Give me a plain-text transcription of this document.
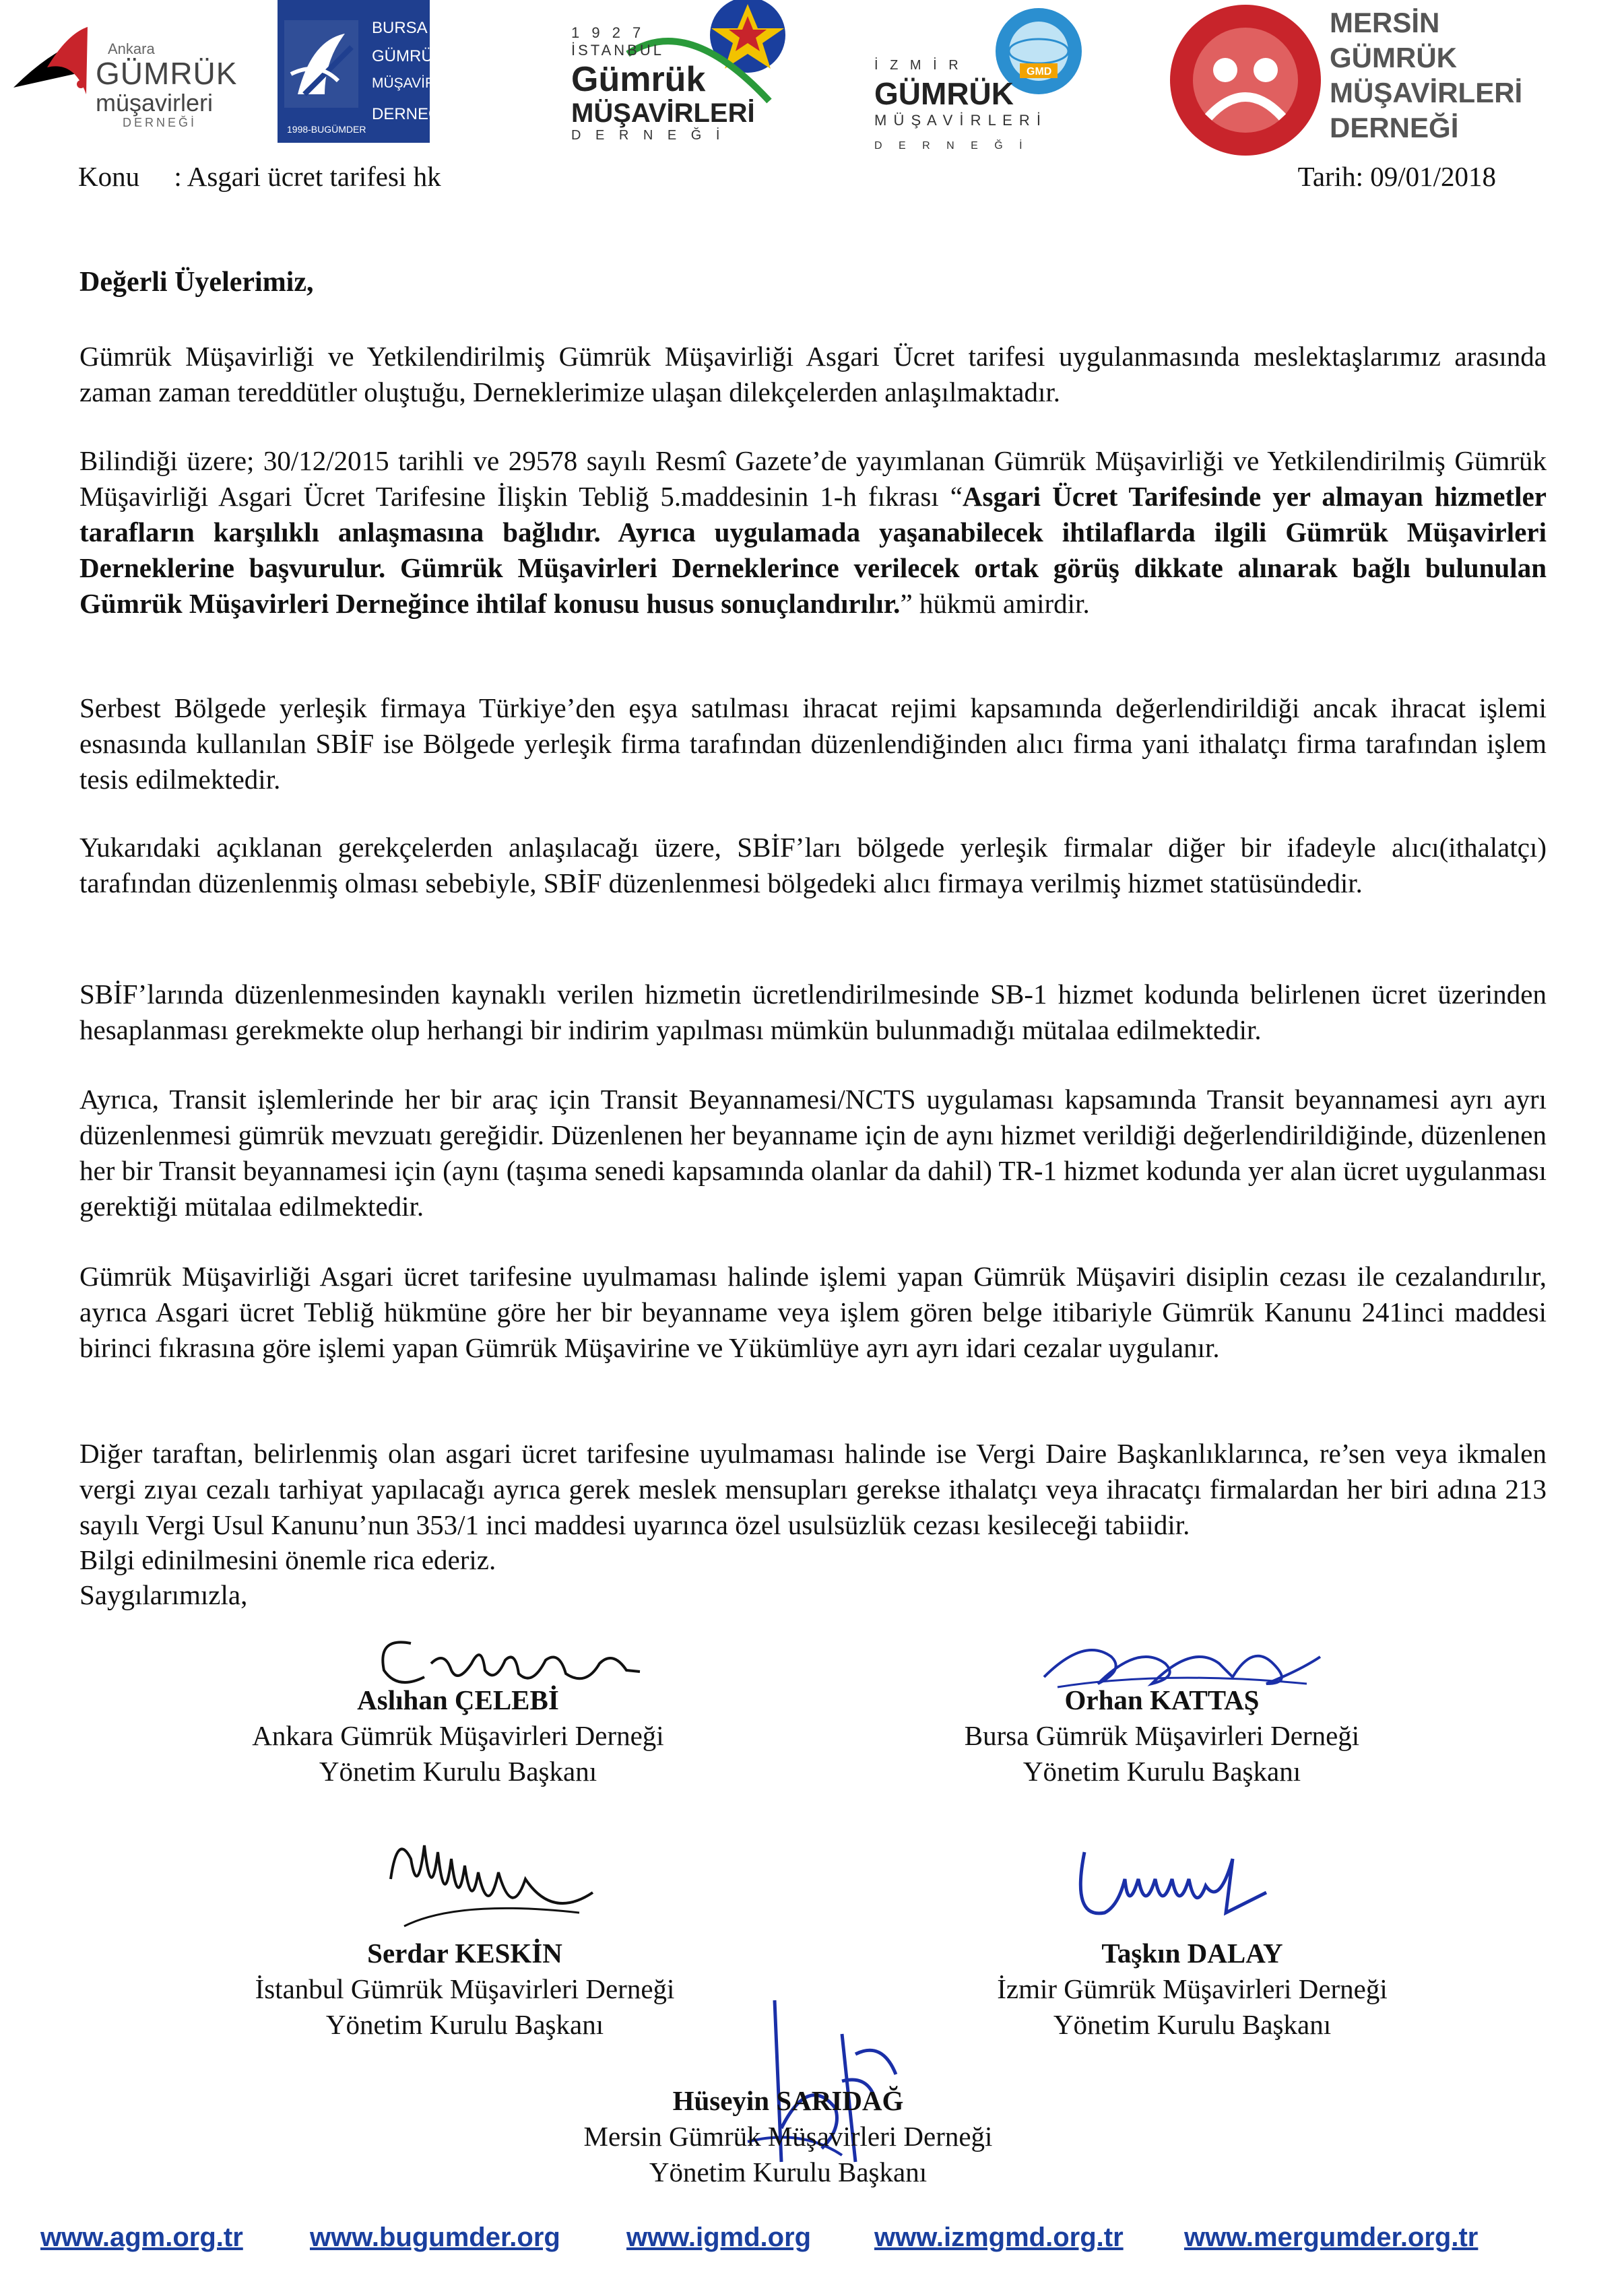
Ankara
GÜMRÜK
müşavirleri
DERNEĞİ
BURSA
GÜMRÜK
MÜŞAVİRLERİ
DERNEĞİ
1998-BUGÜMDER
1 9 2 7
İSTANBUL
Gümrük
MÜŞAVİRLERİ
D E R N E Ğ İ
GMD
İ Z M İ R
GÜMRÜK
M Ü Ş A V İ R L E R İ
D E R N E Ğ İ
MERSİN
GÜMRÜK
MÜŞAVİRLERİ
DERNEĞİ
Konu     : Asgari ücret tarifesi hk	Tarih: 09/01/2018
Değerli Üyelerimiz,
Gümrük Müşavirliği ve Yetkilendirilmiş Gümrük Müşavirliği Asgari Ücret tarifesi uygulanmasında meslektaşlarımız arasında zaman zaman tereddütler oluştuğu, Derneklerimize ulaşan dilekçelerden anlaşılmaktadır.
Bilindiği üzere; 30/12/2015 tarihli ve 29578 sayılı Resmî Gazete’de yayımlanan Gümrük Müşavirliği ve Yetkilendirilmiş Gümrük Müşavirliği Asgari Ücret Tarifesine İlişkin Tebliğ 5.maddesinin 1-h fıkrası “Asgari Ücret Tarifesinde yer almayan hizmetler tarafların karşılıklı anlaşmasına bağlıdır. Ayrıca uygulamada yaşanabilecek ihtilaflarda ilgili Gümrük Müşavirleri Derneklerine başvurulur. Gümrük Müşavirleri Derneklerince verilecek ortak görüş dikkate alınarak bağlı bulunulan Gümrük Müşavirleri Derneğince ihtilaf konusu husus sonuçlandırılır.” hükmü amirdir.
Serbest Bölgede yerleşik firmaya Türkiye’den eşya satılması ihracat rejimi kapsamında değerlendirildiği ancak ihracat işlemi esnasında kullanılan SBİF ise Bölgede yerleşik firma tarafından düzenlendiğinden alıcı firma yani ithalatçı firma tarafından işlem tesis edilmektedir.
Yukarıdaki açıklanan gerekçelerden anlaşılacağı üzere, SBİF’ları bölgede yerleşik firmalar diğer bir ifadeyle alıcı(ithalatçı) tarafından düzenlenmiş olması sebebiyle, SBİF düzenlenmesi bölgedeki alıcı firmaya verilmiş hizmet statüsündedir.
SBİF’larında düzenlenmesinden kaynaklı verilen hizmetin ücretlendirilmesinde SB-1 hizmet kodunda belirlenen ücret üzerinden hesaplanması gerekmekte olup herhangi bir indirim yapılması mümkün bulunmadığı mütalaa edilmektedir.
Ayrıca, Transit işlemlerinde her bir araç için Transit Beyannamesi/NCTS uygulaması kapsamında Transit beyannamesi ayrı ayrı düzenlenmesi gümrük mevzuatı gereğidir. Düzenlenen her beyanname için de aynı hizmet verildiği değerlendirildiğinde, düzenlenen her bir Transit beyannamesi için (aynı (taşıma senedi kapsamında olanlar da dahil) TR-1 hizmet kodunda yer alan ücret uygulanması gerektiği mütalaa edilmektedir.
Gümrük Müşavirliği Asgari ücret tarifesine uyulmaması halinde işlemi yapan Gümrük Müşaviri disiplin cezası ile cezalandırılır, ayrıca Asgari ücret Tebliğ hükmüne göre her bir beyanname veya işlem gören belge itibariyle Gümrük Kanunu 241inci maddesi birinci fıkrasına göre işlemi yapan Gümrük Müşavirine ve Yükümlüye ayrı ayrı idari cezalar uygulanır.
Diğer taraftan, belirlenmiş olan asgari ücret tarifesine uyulmaması halinde ise Vergi Daire Başkanlıklarınca, re’sen veya ikmalen vergi zıyaı cezalı tarhiyat yapılacağı ayrıca gerek meslek mensupları gerekse ithalatçı veya ihracatçı firmalardan her biri adına 213 sayılı Vergi Usul Kanunu’nun 353/1 inci maddesi uyarınca özel usulsüzlük cezası kesileceği tabiidir.
Bilgi edinilmesini önemle rica ederiz.
Saygılarımızla,
Aslıhan ÇELEBİ
Ankara Gümrük Müşavirleri Derneği
Yönetim Kurulu Başkanı
Orhan KATTAŞ
Bursa Gümrük Müşavirleri Derneği
Yönetim Kurulu Başkanı
Serdar KESKİN
İstanbul Gümrük Müşavirleri Derneği
Yönetim Kurulu Başkanı
Taşkın DALAY
İzmir Gümrük Müşavirleri Derneği
Yönetim Kurulu Başkanı
Hüseyin SARIDAĞ
Mersin Gümrük Müşavirleri Derneği
Yönetim Kurulu Başkanı
www.agm.org.tr www.bugumder.org www.igmd.org www.izmgmd.org.tr www.mergumder.org.tr
